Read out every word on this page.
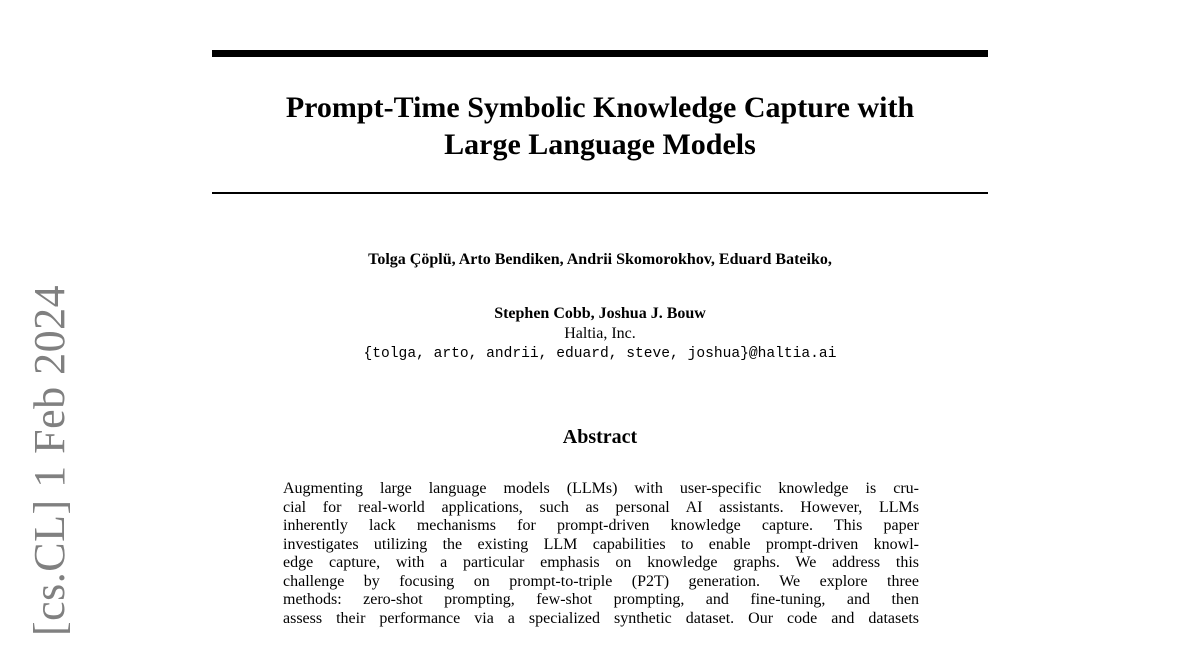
Prompt-Time Symbolic Knowledge Capture with
Large Language Models
Tolga Çöplü, Arto Bendiken, Andrii Skomorokhov, Eduard Bateiko,
Stephen Cobb, Joshua J. Bouw
Haltia, Inc.
{tolga, arto, andrii, eduard, steve, joshua}@haltia.ai
Abstract
Augmenting large language models (LLMs) with user-specific knowledge is cru-
cial for real-world applications, such as personal AI assistants. However, LLMs
inherently lack mechanisms for prompt-driven knowledge capture. This paper
investigates utilizing the existing LLM capabilities to enable prompt-driven knowl-
edge capture, with a particular emphasis on knowledge graphs. We address this
challenge by focusing on prompt-to-triple (P2T) generation. We explore three
methods: zero-shot prompting, few-shot prompting, and fine-tuning, and then
assess their performance via a specialized synthetic dataset. Our code and datasets
[cs.CL] 1 Feb 2024
